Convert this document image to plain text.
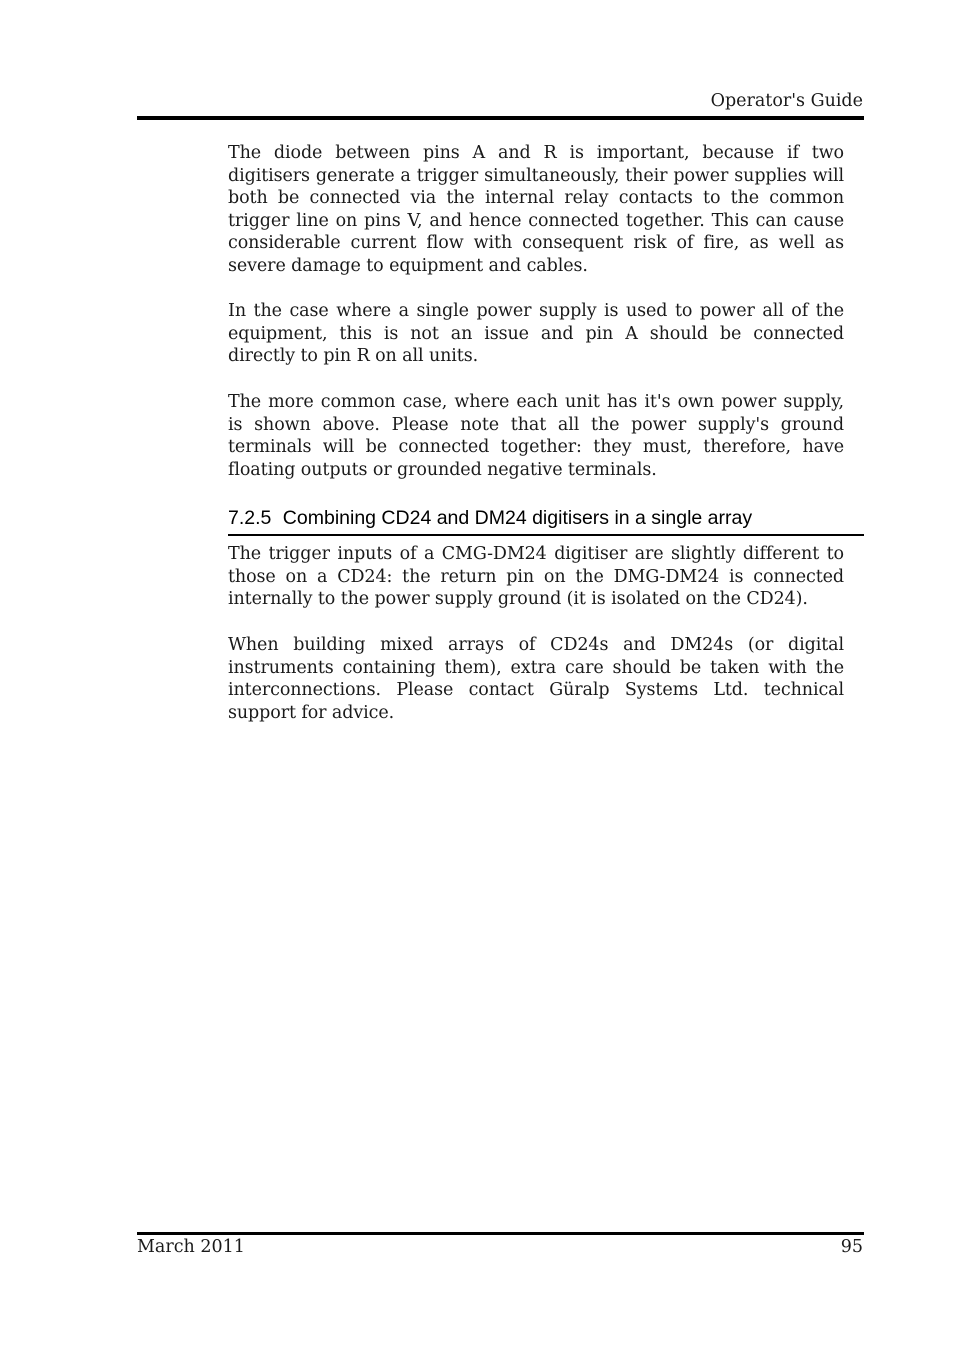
Operator's Guide

The diode between pins A and R is important, because if two digitisers generate a trigger simultaneously, their power supplies will both be connected via the internal relay contacts to the common trigger line on pins V, and hence connected together. This can cause considerable current flow with consequent risk of fire, as well as severe damage to equipment and cables.

In the case where a single power supply is used to power all of the equipment, this is not an issue and pin A should be connected directly to pin R on all units.

The more common case, where each unit has it's own power supply, is shown above. Please note that all the power supply's ground terminals will be connected together: they must, therefore, have floating outputs or grounded negative terminals.

7.2.5 Combining CD24 and DM24 digitisers in a single array

The trigger inputs of a CMG-DM24 digitiser are slightly different to those on a CD24: the return pin on the DMG-DM24 is connected internally to the power supply ground (it is isolated on the CD24).

When building mixed arrays of CD24s and DM24s (or digital instruments containing them), extra care should be taken with the interconnections. Please contact Güralp Systems Ltd. technical support for advice.

March 2011	95
